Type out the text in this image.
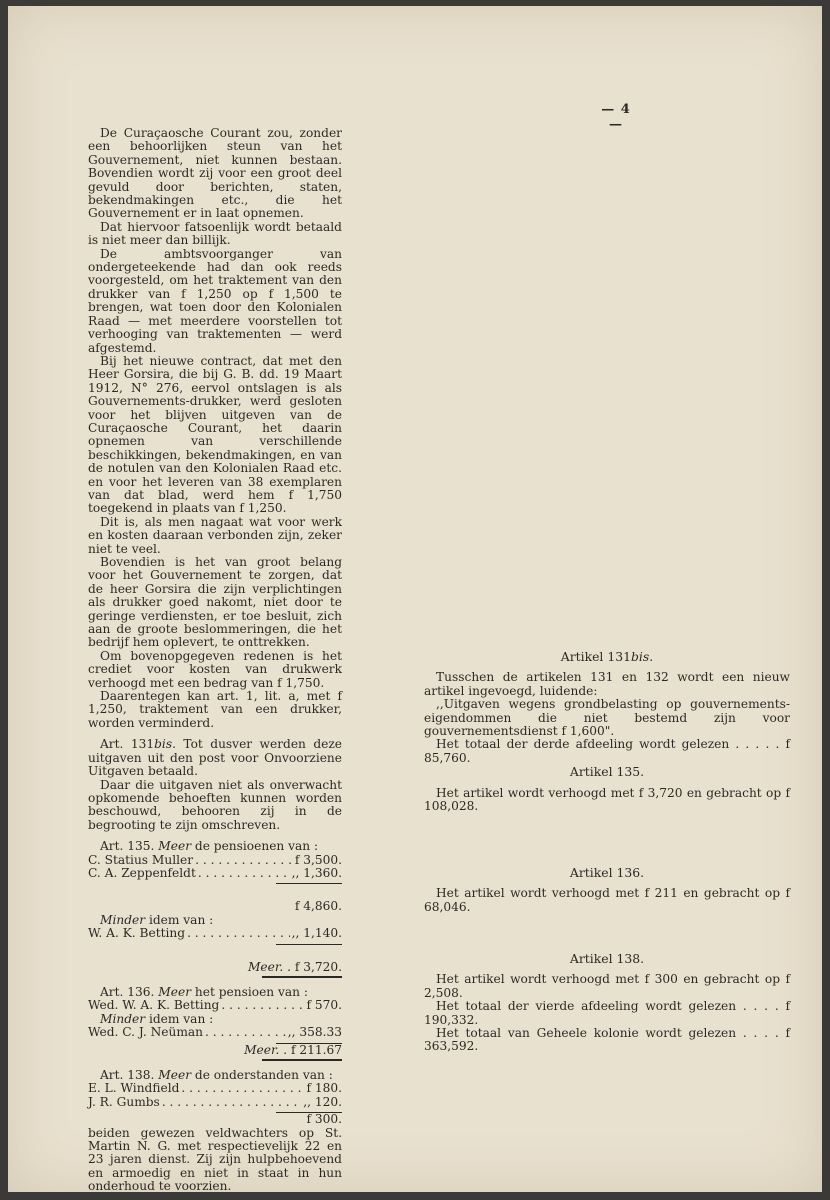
— 4 —

De Curaçaosche Courant zou, zonder een behoorlijken steun van het Gouvernement, niet kunnen bestaan. Bovendien wordt zij voor een groot deel gevuld door berichten, staten, bekendmakingen etc., die het Gouvernement er in laat opnemen.

Dat hiervoor fatsoenlijk wordt betaald is niet meer dan billijk.

De ambtsvoorganger van ondergeteekende had dan ook reeds voorgesteld, om het traktement van den drukker van f 1,250 op f 1,500 te brengen, wat toen door den Kolonialen Raad — met meerdere voorstellen tot verhooging van traktementen — werd afgestemd.

Bij het nieuwe contract, dat met den Heer Gorsira, die bij G. B. dd. 19 Maart 1912, N° 276, eervol ontslagen is als Gouvernements-drukker, werd gesloten voor het blijven uitgeven van de Curaçaosche Courant, het daarin opnemen van verschillende beschikkingen, bekendmakingen, en van de notulen van den Kolonialen Raad etc. en voor het leveren van 38 exemplaren van dat blad, werd hem f 1,750 toegekend in plaats van f 1,250.

Dit is, als men nagaat wat voor werk en kosten daaraan verbonden zijn, zeker niet te veel.

Bovendien is het van groot belang voor het Gouvernement te zorgen, dat de heer Gorsira die zijn verplichtingen als drukker goed nakomt, niet door te geringe verdiensten, er toe besluit, zich aan de groote beslommeringen, die het bedrijf hem oplevert, te onttrekken.

Om bovenopgegeven redenen is het crediet voor kosten van drukwerk verhoogd met een bedrag van f 1,750.

Daarentegen kan art. 1, lit. a, met f 1,250, traktement van een drukker, worden verminderd.

Art. 131bis. Tot dusver werden deze uitgaven uit den post voor Onvoorziene Uitgaven betaald.

Daar die uitgaven niet als onverwacht opkomende behoeften kunnen worden beschouwd, behooren zij in de begrooting te zijn omschreven.

Art. 135. Meer de pensioenen van :

C. Statius Muller . . .	f 3,500.
C. A. Zeppenfeldt . . .	,, 1,360.
f 4,860.

Minder idem van :

W. A. K. Betting . . .	,, 1,140.
Meer. . f 3,720.

Art. 136. Meer het pensioen van :

Wed. W. A. K. Betting . . .	f 570.

Minder idem van :

Wed. C. J. Neüman . . .	,, 358.33
Meer. . f 211.67

Art. 138. Meer de onderstanden van :

E. L. Windfield . . .	f 180.
J. R. Gumbs . . .	,, 120.
f 300.

beiden gewezen veldwachters op St. Martin N. G. met respectievelijk 22 en 23 jaren dienst. Zij zijn hulpbehoevend en armoedig en niet in staat in hun onderhoud te voorzien.

Artikel 131bis.

Tusschen de artikelen 131 en 132 wordt een nieuw artikel ingevoegd, luidende:

,,Uitgaven wegens grondbelasting op gouvernements-eigendommen die niet bestemd zijn voor gouvernementsdienst f 1,600".

Het totaal der derde afdeeling wordt gelezen . . . . . f 85,760.

Artikel 135.

Het artikel wordt verhoogd met f 3,720 en gebracht op f 108,028.

Artikel 136.

Het artikel wordt verhoogd met f 211 en gebracht op f 68,046.

Artikel 138.

Het artikel wordt verhoogd met f 300 en gebracht op f 2,508.

Het totaal der vierde afdeeling wordt gelezen . . . . f 190,332.

Het totaal van Geheele kolonie wordt gelezen . . . . f 363,592.
